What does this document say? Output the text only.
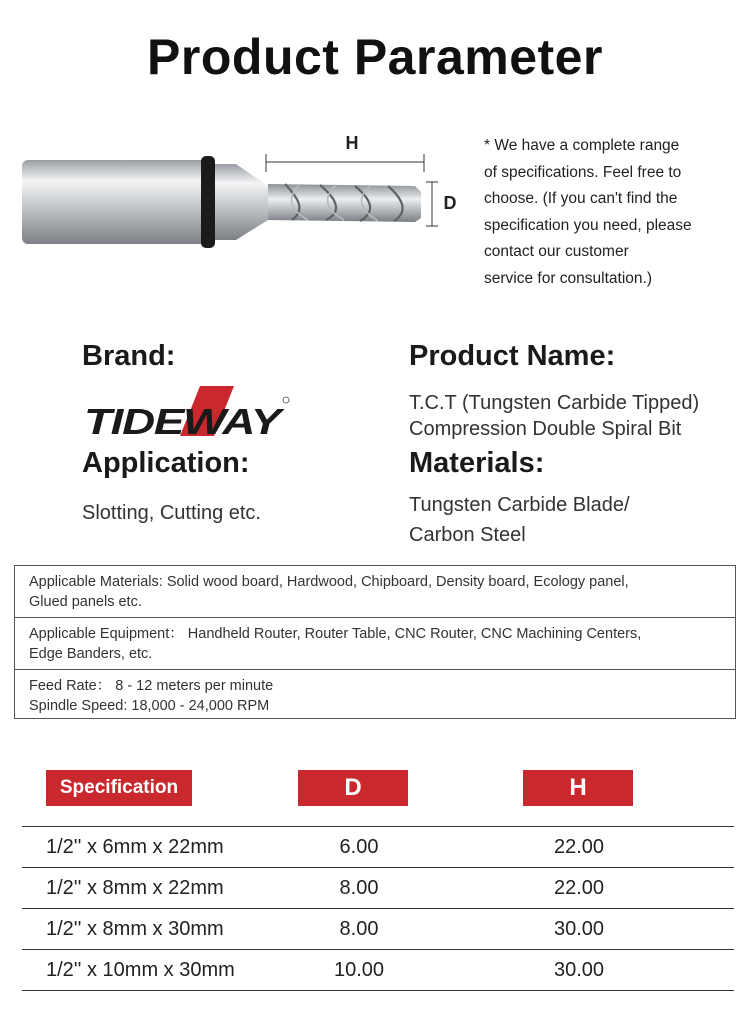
Product Parameter
H
D
* We have a complete range
of specifications. Feel free to
choose. (If you can't find the
specification you need, please
contact our customer
service for consultation.)
Brand:
TIDEWAY
Product Name:
T.C.T (Tungsten Carbide Tipped)
Compression Double Spiral Bit
Application:
Slotting, Cutting etc.
Materials:
Tungsten Carbide Blade/
Carbon Steel
Applicable Materials: Solid wood board, Hardwood, Chipboard, Density board, Ecology panel,
Glued panels etc.
Applicable Equipment： Handheld Router, Router Table, CNC Router, CNC Machining Centers,
Edge Banders, etc.
Feed Rate： 8 - 12 meters per minute
Spindle Speed: 18,000 - 24,000 RPM
Specification	D	H
1/2'' x 6mm x 22mm	6.00	22.00
1/2'' x 8mm x 22mm	8.00	22.00
1/2'' x 8mm x 30mm	8.00	30.00
1/2'' x 10mm x 30mm	10.00	30.00
